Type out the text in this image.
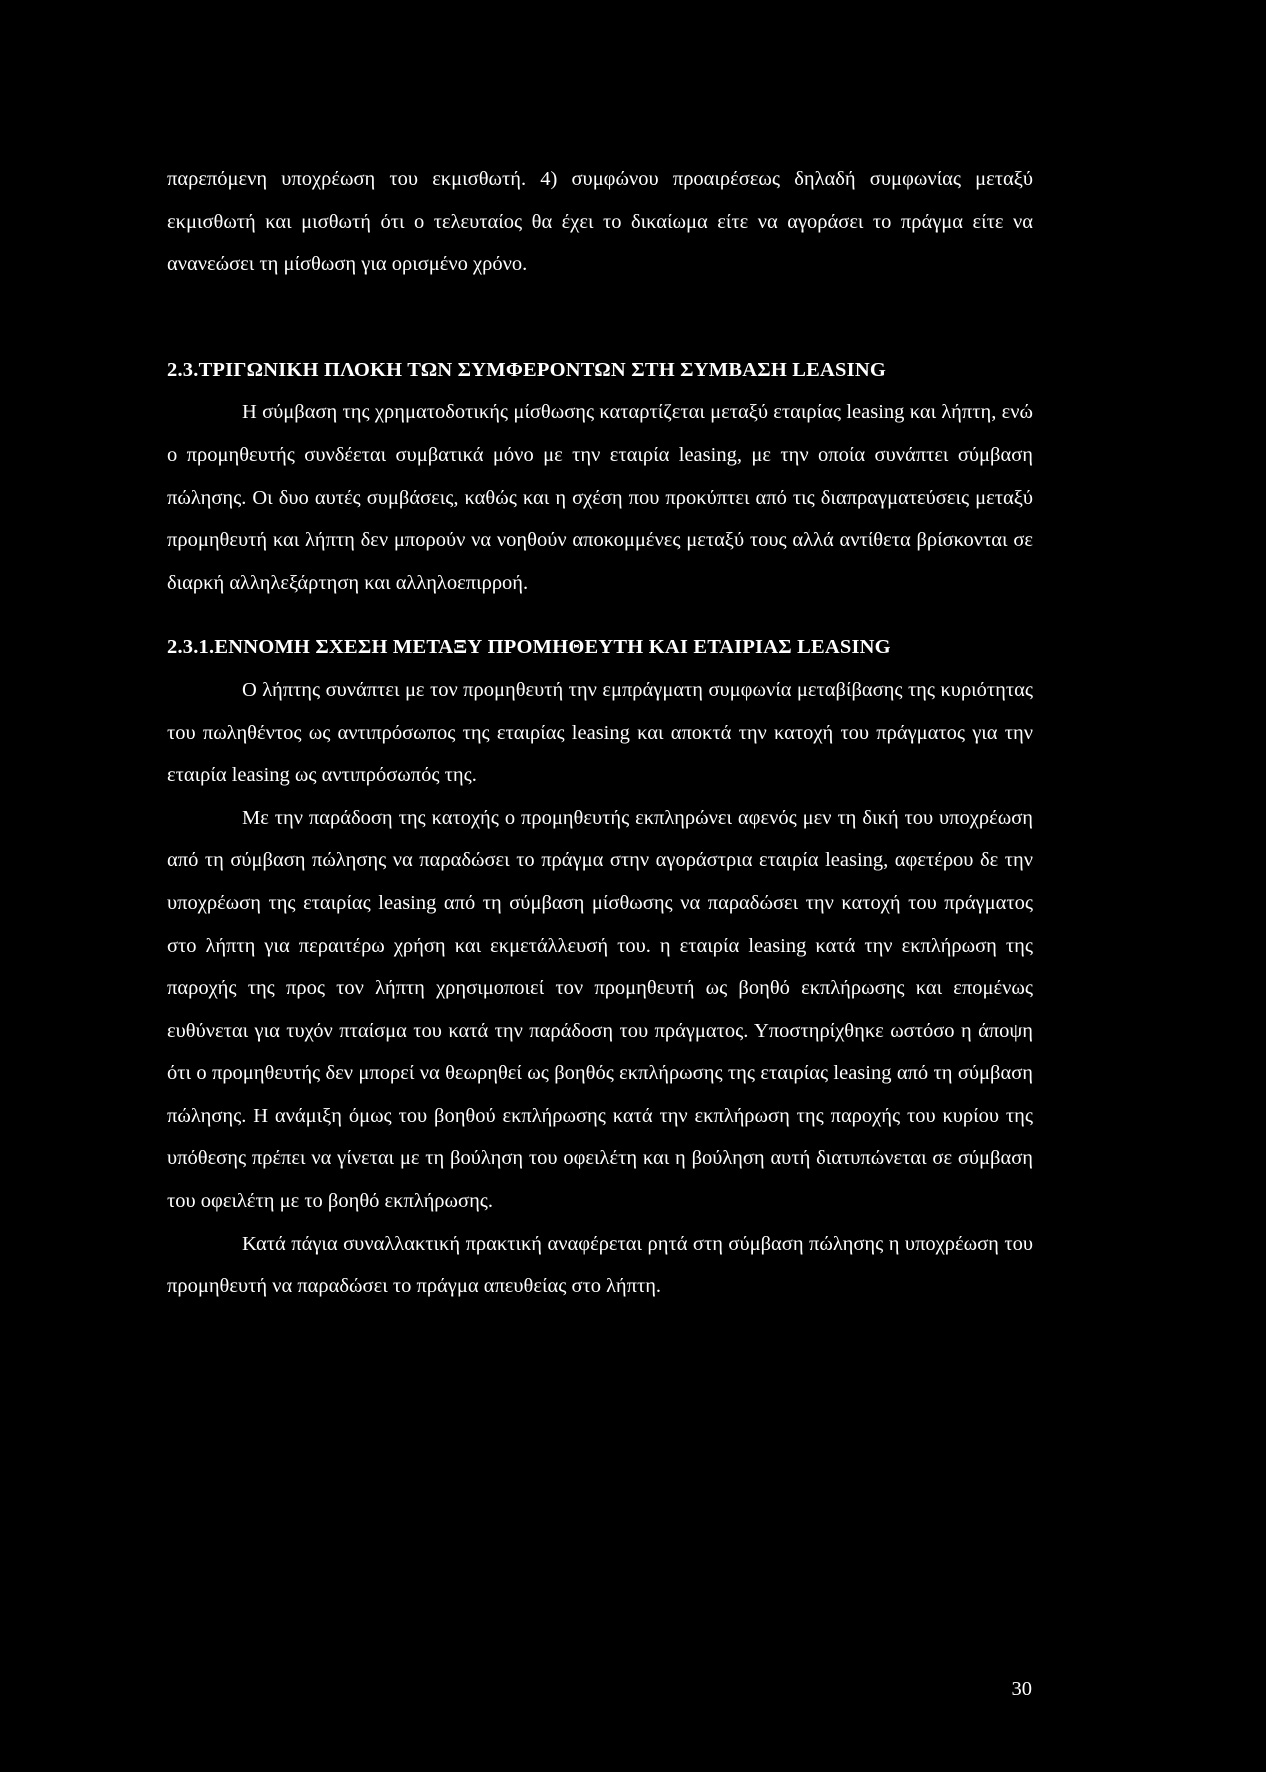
παρεπόμενη υποχρέωση του εκμισθωτή. 4) συμφώνου προαιρέσεως δηλαδή συμφωνίας μεταξύ εκμισθωτή και μισθωτή ότι ο τελευταίος θα έχει το δικαίωμα είτε να αγοράσει το πράγμα είτε να ανανεώσει τη μίσθωση για ορισμένο χρόνο.

2.3.ΤΡΙΓΩΝΙΚΗ ΠΛΟΚΗ ΤΩΝ ΣΥΜΦΕΡΟΝΤΩΝ ΣΤΗ ΣΥΜΒΑΣΗ LEASING

Η σύμβαση της χρηματοδοτικής μίσθωσης καταρτίζεται μεταξύ εταιρίας leasing και λήπτη, ενώ ο προμηθευτής συνδέεται συμβατικά μόνο με την εταιρία leasing, με την οποία συνάπτει σύμβαση πώλησης. Οι δυο αυτές συμβάσεις, καθώς και η σχέση που προκύπτει από τις διαπραγματεύσεις μεταξύ προμηθευτή και λήπτη δεν μπορούν να νοηθούν αποκομμένες μεταξύ τους αλλά αντίθετα βρίσκονται σε διαρκή αλληλεξάρτηση και αλληλοεπιρροή.

2.3.1.ΕΝΝΟΜΗ ΣΧΕΣΗ ΜΕΤΑΞΥ ΠΡΟΜΗΘΕΥΤΗ ΚΑΙ ΕΤΑΙΡΙΑΣ LEASING

Ο λήπτης συνάπτει με τον προμηθευτή την εμπράγματη συμφωνία μεταβίβασης της κυριότητας του πωληθέντος ως αντιπρόσωπος της εταιρίας leasing και αποκτά την κατοχή του πράγματος για την εταιρία leasing ως αντιπρόσωπός της.

Με την παράδοση της κατοχής ο προμηθευτής εκπληρώνει αφενός μεν τη δική του υποχρέωση από τη σύμβαση πώλησης να παραδώσει το πράγμα στην αγοράστρια εταιρία leasing, αφετέρου δε την υποχρέωση της εταιρίας leasing από τη σύμβαση μίσθωσης να παραδώσει την κατοχή του πράγματος στο λήπτη για περαιτέρω χρήση και εκμετάλλευσή του. η εταιρία leasing κατά την εκπλήρωση της παροχής της προς τον λήπτη χρησιμοποιεί τον προμηθευτή ως βοηθό εκπλήρωσης και επομένως ευθύνεται για τυχόν πταίσμα του κατά την παράδοση του πράγματος. Υποστηρίχθηκε ωστόσο η άποψη ότι ο προμηθευτής δεν μπορεί να θεωρηθεί ως βοηθός εκπλήρωσης της εταιρίας leasing από τη σύμβαση πώλησης. Η ανάμιξη όμως του βοηθού εκπλήρωσης κατά την εκπλήρωση της παροχής του κυρίου της υπόθεσης πρέπει να γίνεται με τη βούληση του οφειλέτη και η βούληση αυτή διατυπώνεται σε σύμβαση του οφειλέτη με το βοηθό εκπλήρωσης.

Κατά πάγια συναλλακτική πρακτική αναφέρεται ρητά στη σύμβαση πώλησης η υποχρέωση του προμηθευτή να παραδώσει το πράγμα απευθείας στο λήπτη.

30
